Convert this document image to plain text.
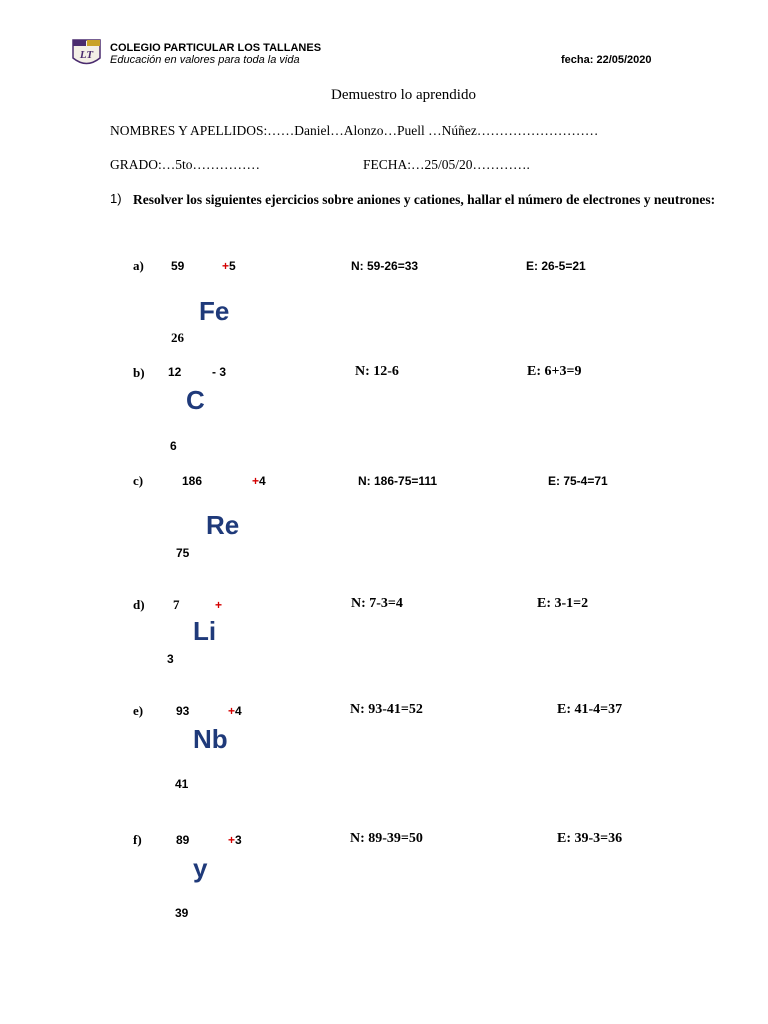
LT
COLEGIO PARTICULAR LOS TALLANES
Educación en valores para toda la vida	fecha: 22/05/2020
Demuestro lo aprendido
NOMBRES Y APELLIDOS:……Daniel…Alonzo…Puell …Núñez………………………
GRADO:…5to……………	FECHA:…25/05/20………….
1) Resolver los siguientes ejercicios sobre aniones y cationes, hallar el número de electrones y neutrones:
a) 59	+5
Fe
26
N: 59-26=33	E: 26-5=21
b) 12	- 3
C
6
N: 12-6	E: 6+3=9
c)	186	+4
Re
75
N: 186-75=111	E: 75-4=71
d) 7	+
Li
3
N: 7-3=4	E: 3-1=2
e)	93	+4
Nb
41
N: 93-41=52	E: 41-4=37
f)	89	+3
y
39
N: 89-39=50	E: 39-3=36
